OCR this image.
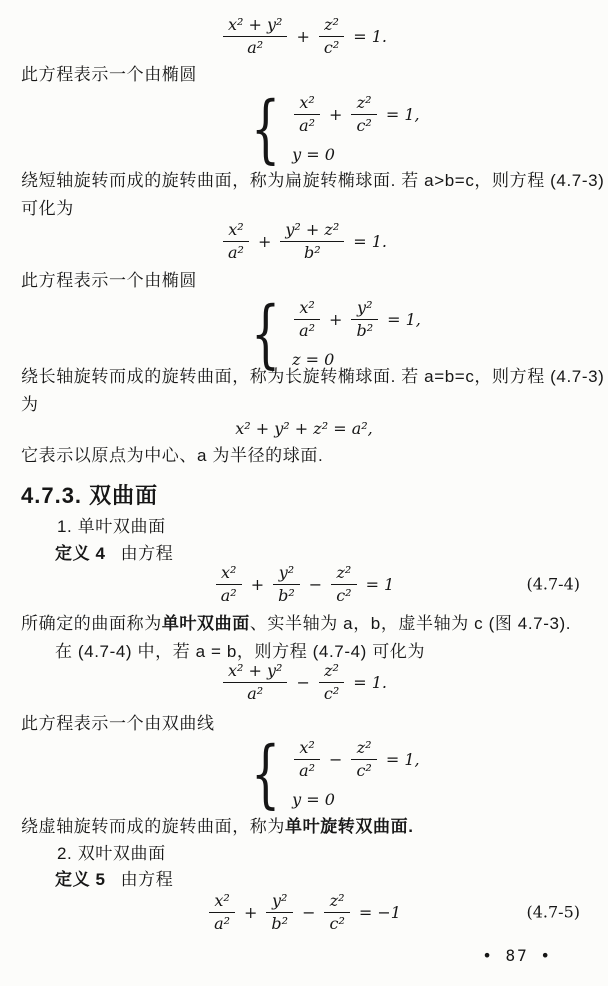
$\frac{\text{x² + y²}}{\text{a²}} + \frac{\text{z²}}{\text{c²}} = 1$.
此方程表示一个由椭圆
{ $\frac{\text{x²}}{\text{a²}} + \frac{\text{z²}}{\text{c²}} = 1$,
y = 0
绕短轴旋转而成的旋转曲面，称为扁旋转椭球面. 若 a>b=c，则方程 (4.7-3)
可化为
$\frac{\text{x²}}{\text{a²}} + \frac{\text{y² + z²}}{\text{b²}} = 1$.
此方程表示一个由椭圆
{ $\frac{\text{x²}}{\text{a²}} + \frac{\text{y²}}{\text{b²}} = 1$,
z = 0
绕长轴旋转而成的旋转曲面，称为长旋转椭球面. 若 a=b=c，则方程 (4.7-3)
为
x² + y² + z² = a²,
它表示以原点为中心、a 为半径的球面.
4.7.3. 双曲面
1. 单叶双曲面
定义 4 由方程
$\frac{\text{x²}}{\text{a²}} + \frac{\text{y²}}{\text{b²}} - \frac{\text{z²}}{\text{c²}} = 1$	(4.7-4)
所确定的曲面称为单叶双曲面、实半轴为 a，b，虚半轴为 c (图 4.7-3).
在 (4.7-4) 中，若 a = b，则方程 (4.7-4) 可化为
$\frac{\text{x² + y²}}{\text{a²}} - \frac{\text{z²}}{\text{c²}} = 1$.
此方程表示一个由双曲线
{ $\frac{\text{x²}}{\text{a²}} - \frac{\text{z²}}{\text{c²}} = 1$,
y = 0
绕虚轴旋转而成的旋转曲面，称为单叶旋转双曲面.
2. 双叶双曲面
定义 5 由方程
$\frac{\text{x²}}{\text{a²}} + \frac{\text{y²}}{\text{b²}} - \frac{\text{z²}}{\text{c²}} = -1$	(4.7-5)
• 87 •
